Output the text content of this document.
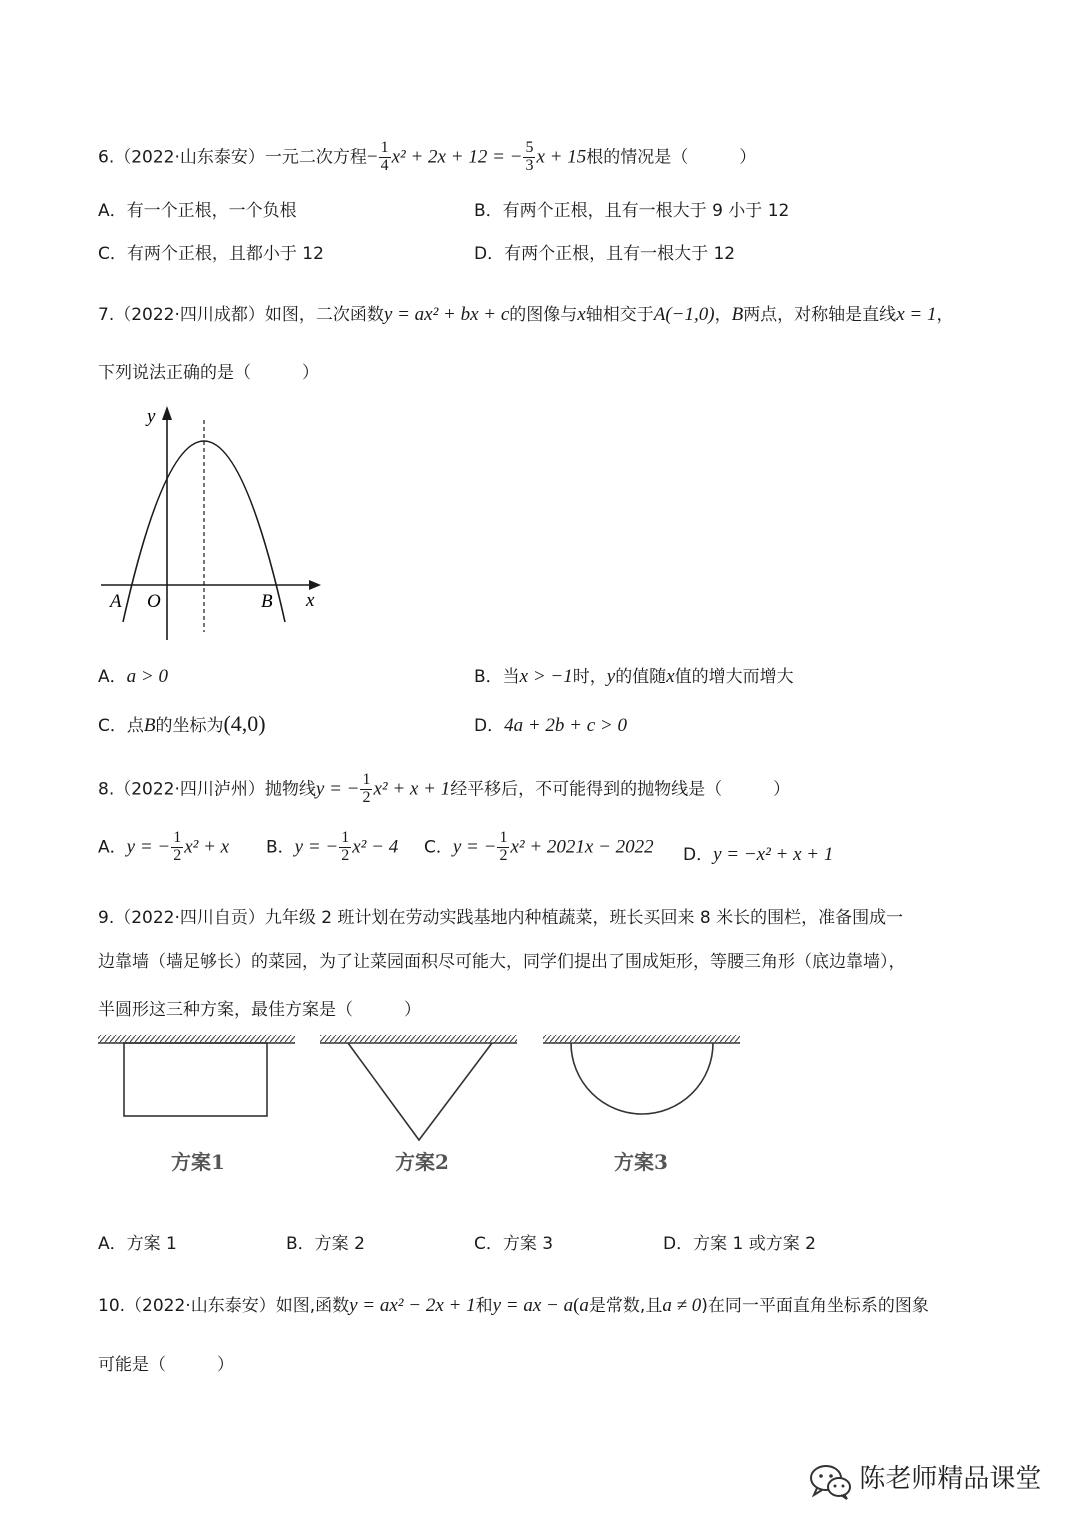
6.（2022·山东泰安）一元二次方程− $\frac{1}{4} x^2 + 2x + 12$ = − $\frac{5}{3}$ x + 15根的情况是（　　　）
A．有一个正根，一个负根	B．有两个正根，且有一根大于 9 小于 12
C．有两个正根，且都小于 12	D．有两个正根，且有一根大于 12
7.（2022·四川成都）如图，二次函数y = ax² + bx + c的图像与x轴相交于A(−1,0)，B两点，对称轴是直线x = 1，
下列说法正确的是（　　　）
y
x
A O	B
A．a > 0	B．当x > −1时，y的值随x值的增大而增大
C．点B的坐标为(4,0)	D．4a + 2b + c > 0
8.（2022·四川泸州）抛物线y = − $\frac{1}{2} x^2 + x + 1$经平移后，不可能得到的抛物线是（　　　）
A．y = − $\frac{1}{2} x^2 + x$ B．y = − $\frac{1}{2} x^2 - 4$ C．y = − $\frac{1}{2} x^2 + 2021x - 2022$ D．y = −x² + x + 1
9.（2022·四川自贡）九年级 2 班计划在劳动实践基地内种植蔬菜，班长买回来 8 米长的围栏，准备围成一
边靠墙（墙足够长）的菜园，为了让菜园面积尽可能大，同学们提出了围成矩形，等腰三角形（底边靠墙），
半圆形这三种方案，最佳方案是（　　　）
方案1	方案2	方案3
A．方案 1	B．方案 2	C．方案 3	D．方案 1 或方案 2
10.（2022·山东泰安）如图,函数y = ax² − 2x + 1和y = ax − a(a是常数,且a ≠ 0)在同一平面直角坐标系的图象
可能是（　　　）
陈老师精品课堂
